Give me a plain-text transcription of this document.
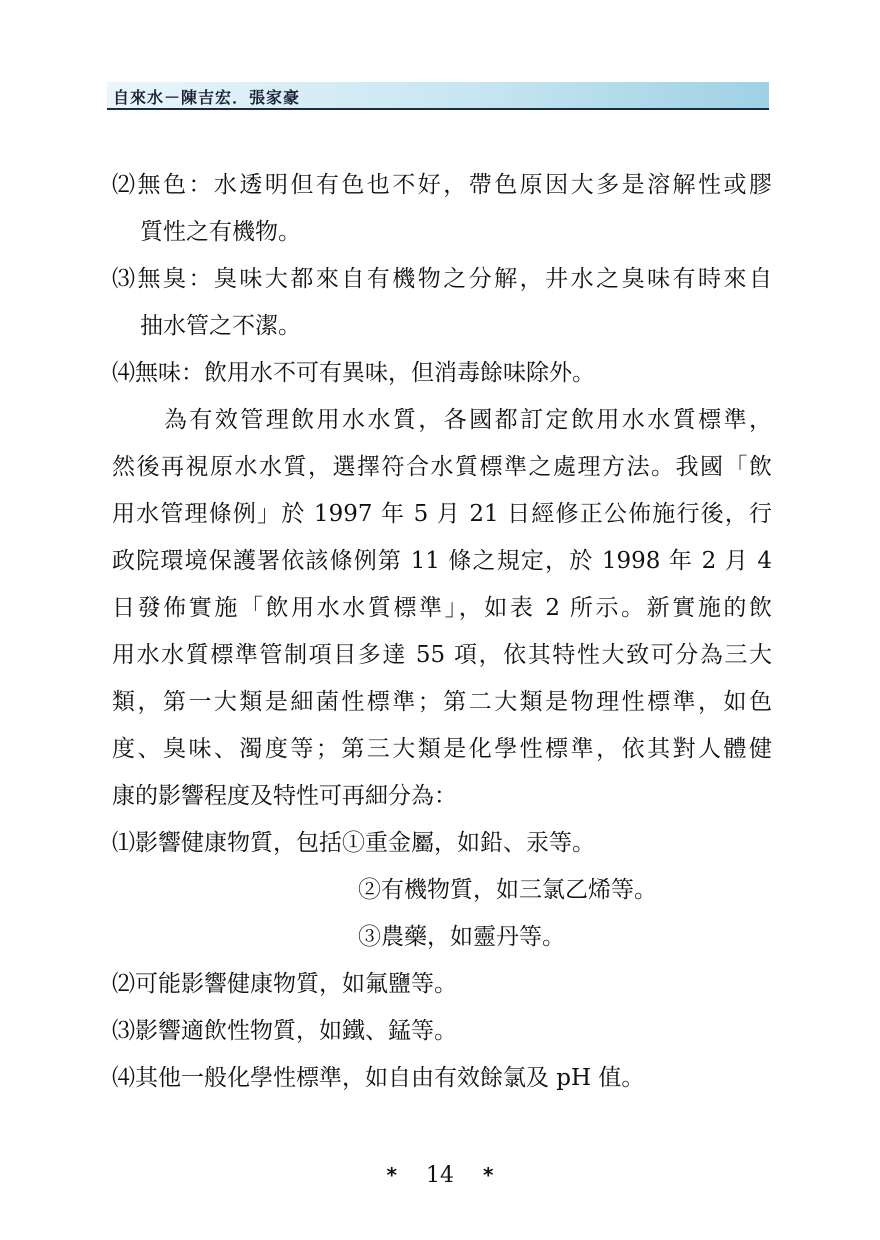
自來水－陳吉宏．張家豪
⑵無色：水透明但有色也不好，帶色原因大多是溶解性或膠
質性之有機物。
⑶無臭：臭味大都來自有機物之分解，井水之臭味有時來自
抽水管之不潔。
⑷無味：飲用水不可有異味，但消毒餘味除外。
為有效管理飲用水水質，各國都訂定飲用水水質標準，
然後再視原水水質，選擇符合水質標準之處理方法。我國「飲
用水管理條例」於 1997 年 5 月 21 日經修正公佈施行後，行
政院環境保護署依該條例第 11 條之規定，於 1998 年 2 月 4
日發佈實施「飲用水水質標準」，如表 2 所示。新實施的飲
用水水質標準管制項目多達 55 項，依其特性大致可分為三大
類，第一大類是細菌性標準；第二大類是物理性標準，如色
度、臭味、濁度等；第三大類是化學性標準，依其對人體健
康的影響程度及特性可再細分為：
⑴影響健康物質，包括①重金屬，如鉛、汞等。
②有機物質，如三氯乙烯等。
③農藥，如靈丹等。
⑵可能影響健康物質，如氟鹽等。
⑶影響適飲性物質，如鐵、錳等。
⑷其他一般化學性標準，如自由有效餘氯及 pH 值。
* 14 *
